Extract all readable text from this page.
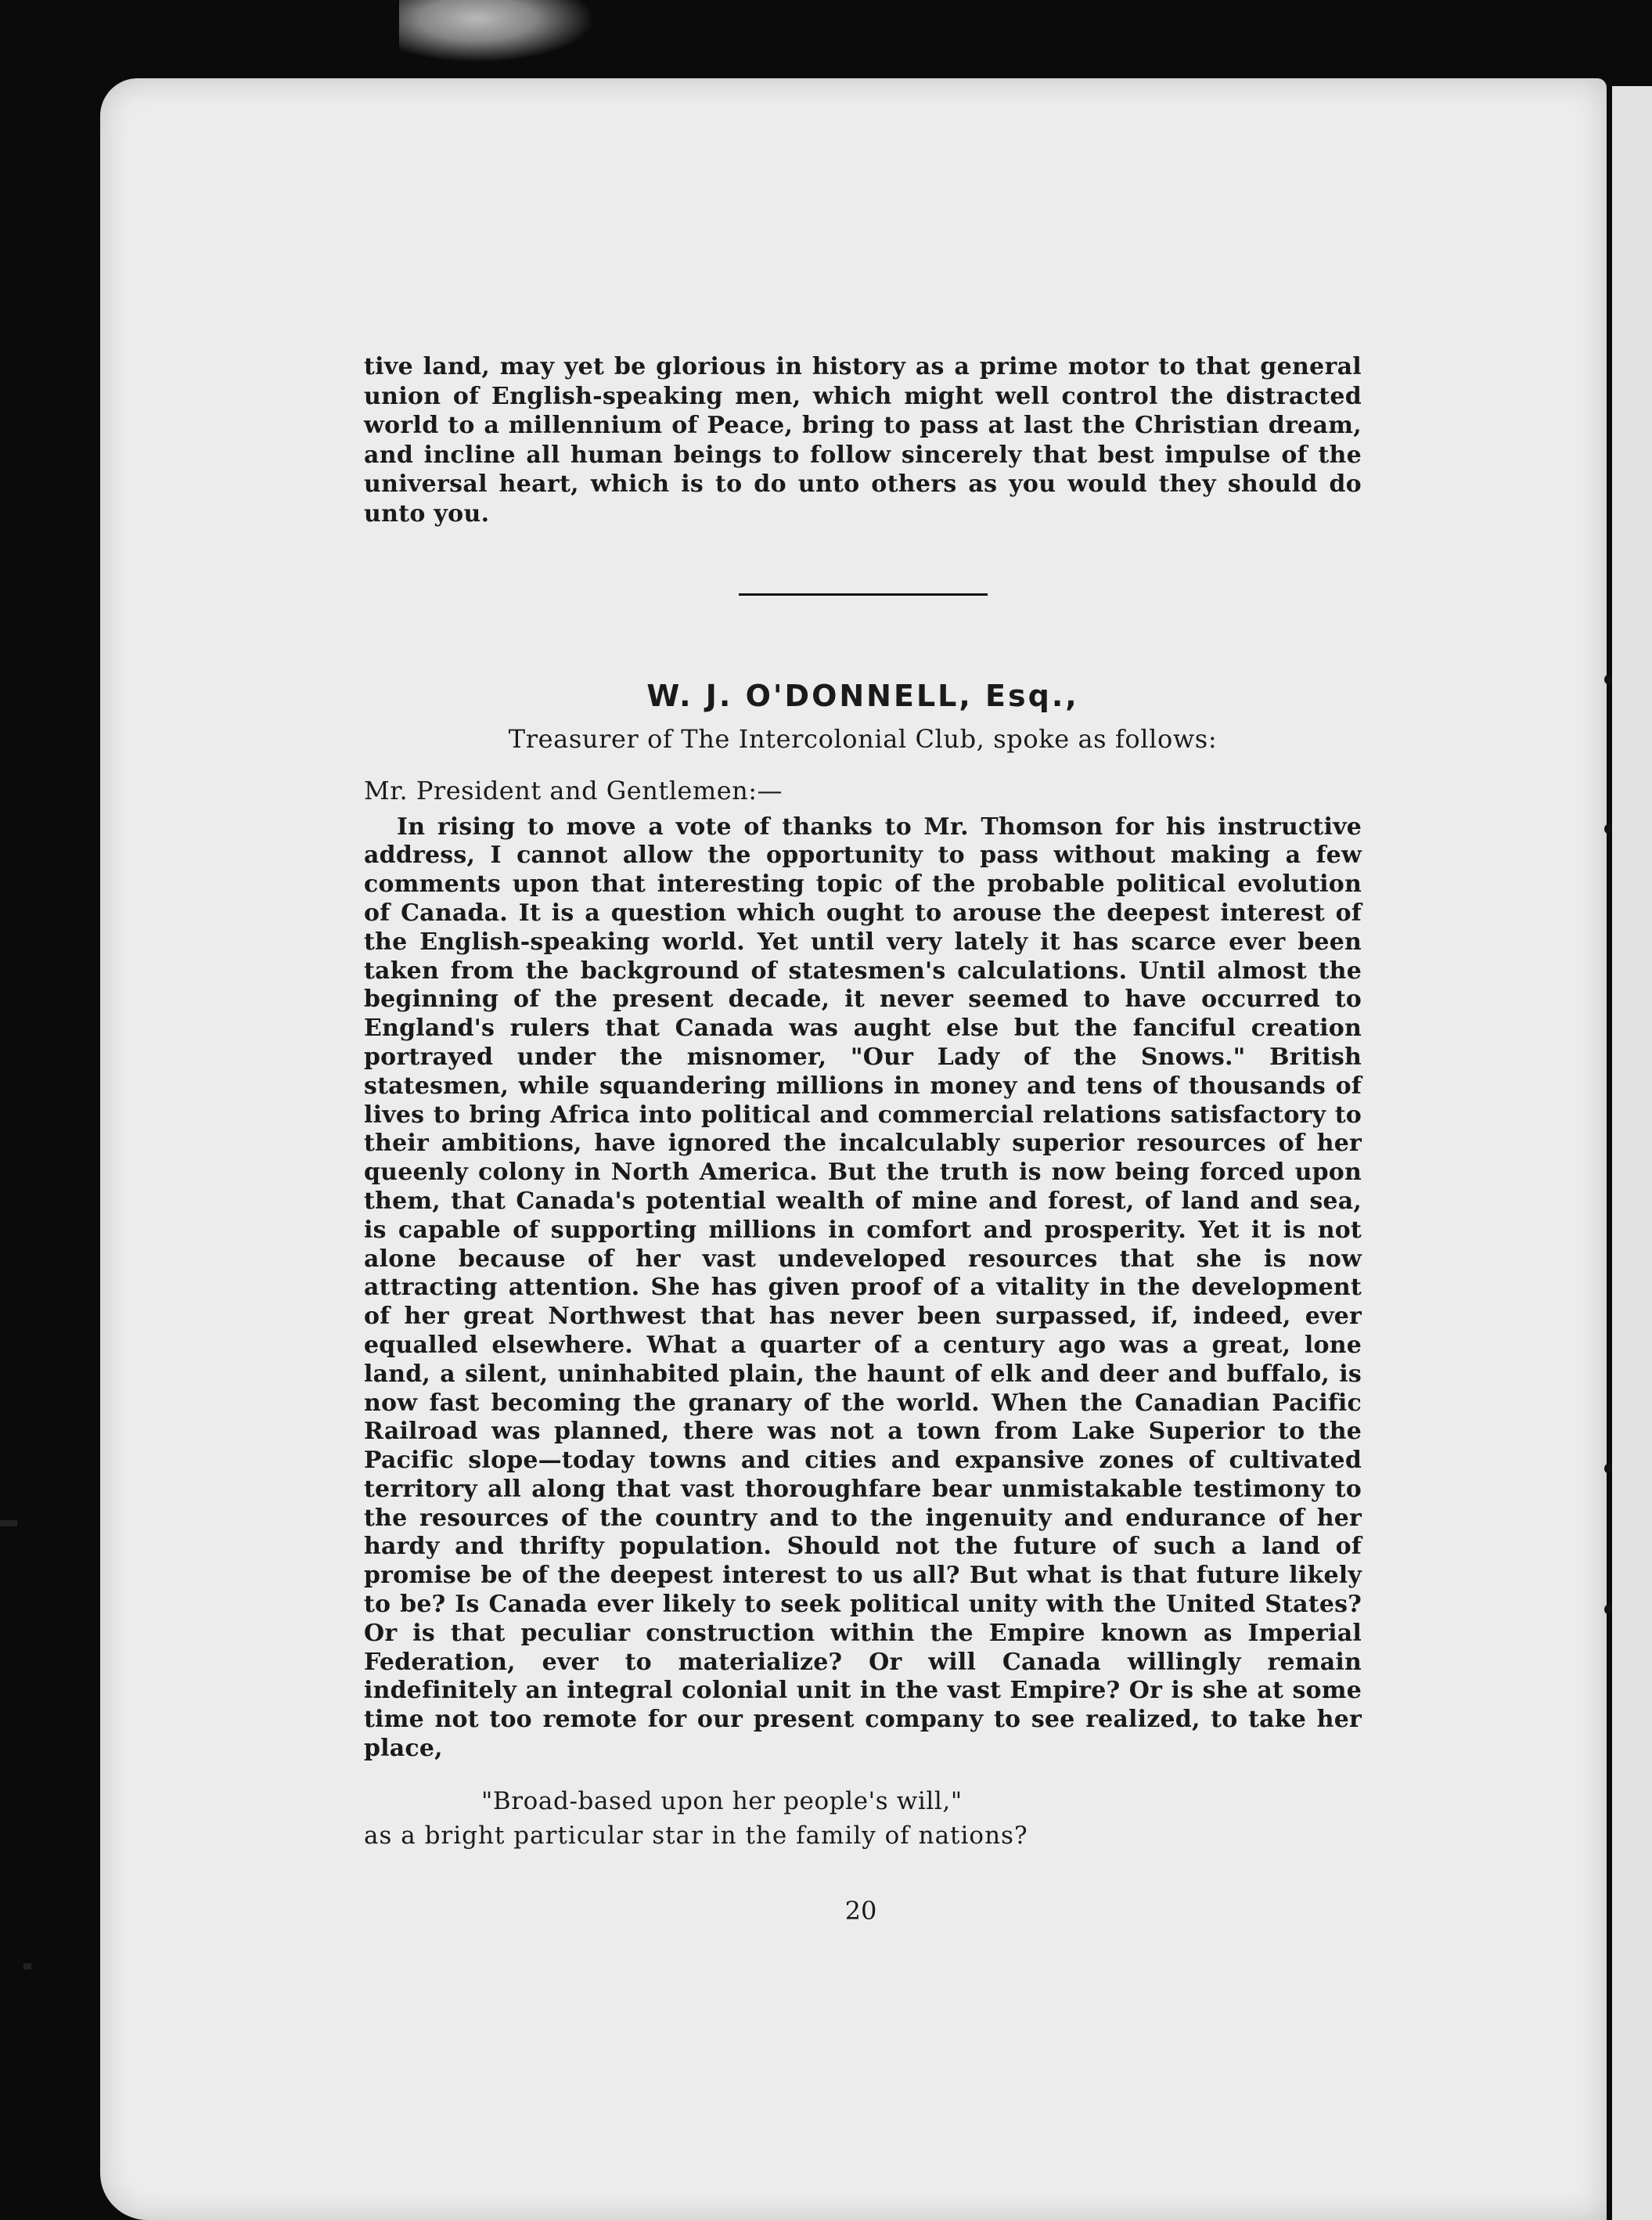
tive land, may yet be glorious in history as a prime motor to that general union of English-speaking men, which might well control the distracted world to a millennium of Peace, bring to pass at last the Christian dream, and incline all human beings to follow sincerely that best impulse of the universal heart, which is to do unto others as you would they should do unto you.

W. J. O'DONNELL, Esq.,
Treasurer of The Intercolonial Club, spoke as follows:
Mr. President and Gentlemen:—

In rising to move a vote of thanks to Mr. Thomson for his instructive address, I cannot allow the opportunity to pass without making a few comments upon that interesting topic of the probable political evolution of Canada. It is a question which ought to arouse the deepest interest of the English-speaking world. Yet until very lately it has scarce ever been taken from the background of statesmen's calculations. Until almost the beginning of the present decade, it never seemed to have occurred to England's rulers that Canada was aught else but the fanciful creation portrayed under the misnomer, "Our Lady of the Snows." British statesmen, while squandering millions in money and tens of thousands of lives to bring Africa into political and commercial relations satisfactory to their ambitions, have ignored the incalculably superior resources of her queenly colony in North America. But the truth is now being forced upon them, that Canada's potential wealth of mine and forest, of land and sea, is capable of supporting millions in comfort and prosperity. Yet it is not alone because of her vast undeveloped resources that she is now attracting attention. She has given proof of a vitality in the development of her great Northwest that has never been surpassed, if, indeed, ever equalled elsewhere. What a quarter of a century ago was a great, lone land, a silent, uninhabited plain, the haunt of elk and deer and buffalo, is now fast becoming the granary of the world. When the Canadian Pacific Railroad was planned, there was not a town from Lake Superior to the Pacific slope—today towns and cities and expansive zones of cultivated territory all along that vast thoroughfare bear unmistakable testimony to the resources of the country and to the ingenuity and endurance of her hardy and thrifty population. Should not the future of such a land of promise be of the deepest interest to us all? But what is that future likely to be? Is Canada ever likely to seek political unity with the United States? Or is that peculiar construction within the Empire known as Imperial Federation, ever to materialize? Or will Canada willingly remain indefinitely an integral colonial unit in the vast Empire? Or is she at some time not too remote for our present company to see realized, to take her place,

"Broad-based upon her people's will,"
as a bright particular star in the family of nations?
20
